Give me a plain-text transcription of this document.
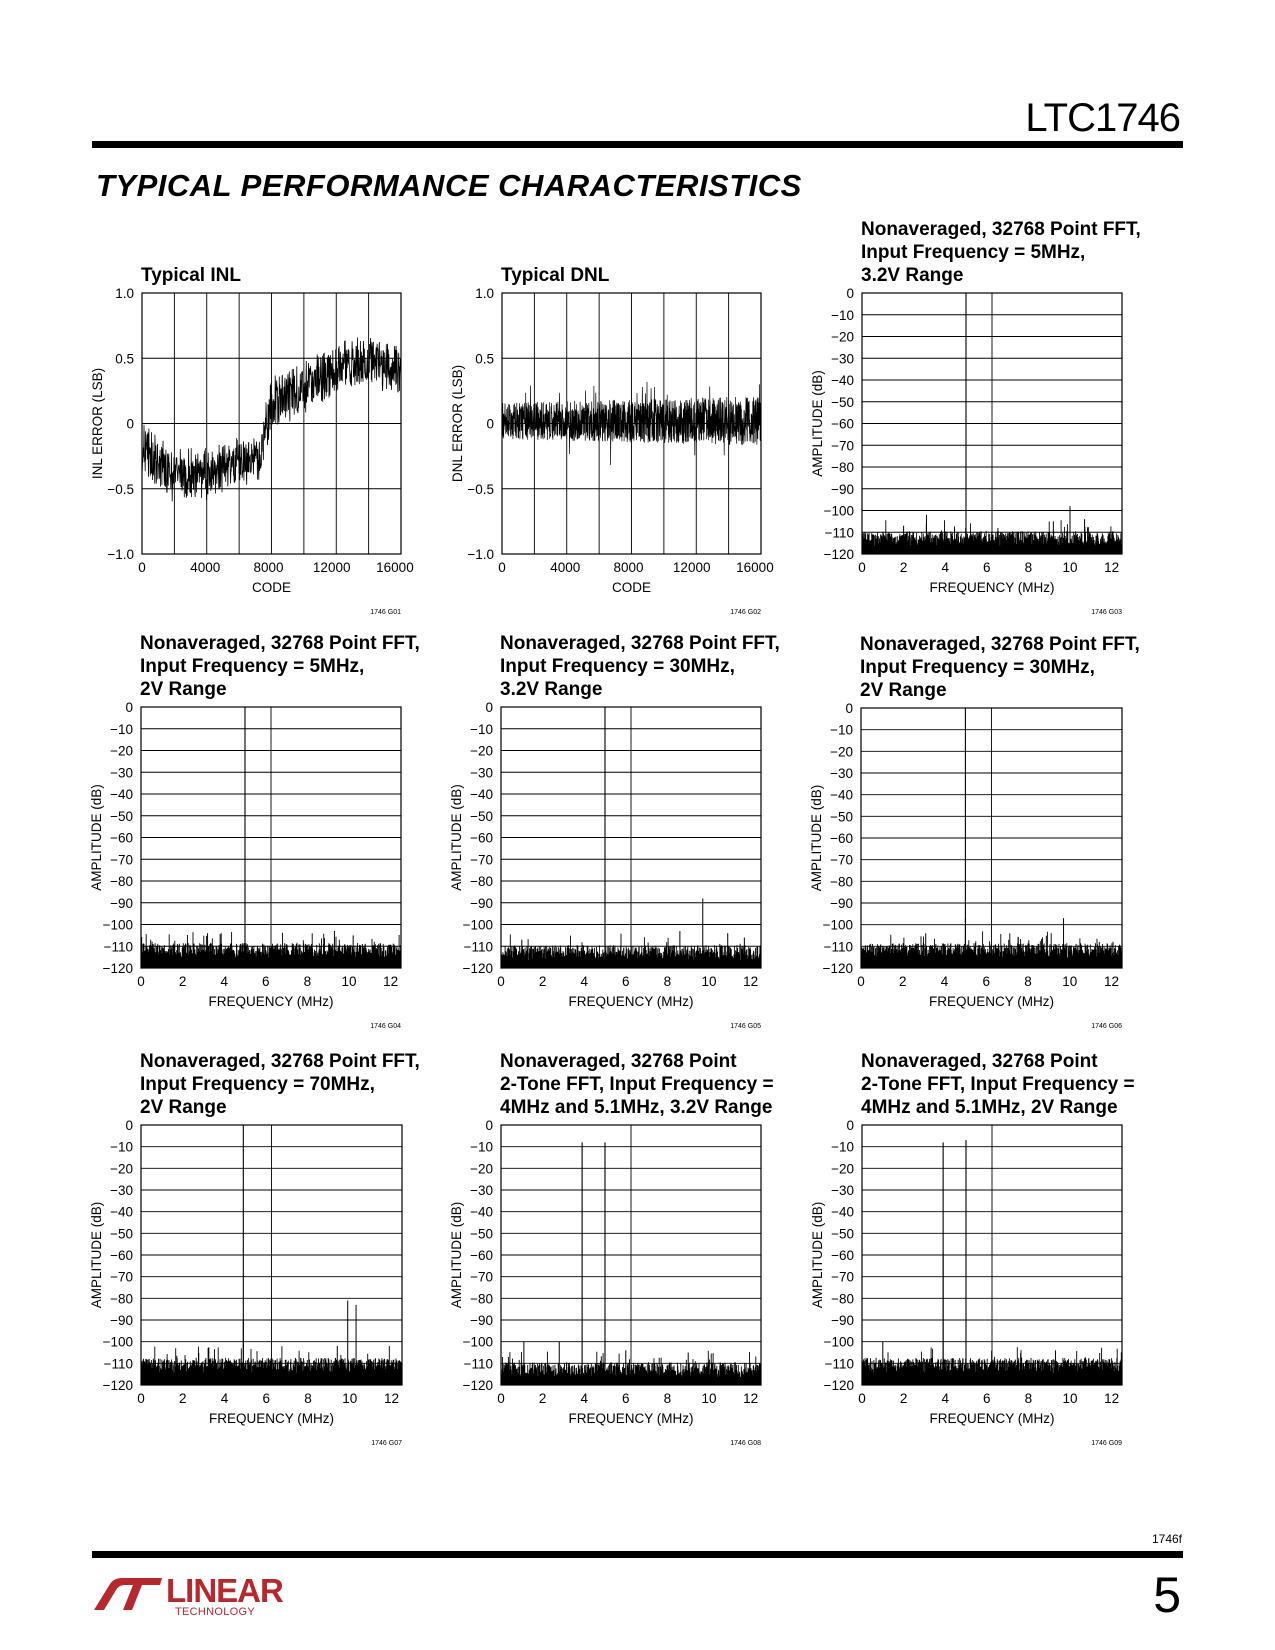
LTC1746
TYPICAL PERFORMANCE CHARACTERISTICS
Typical INL
1.0
0.5
0
−0.5
−1.0
0	4000 8000 12000 16000
CODE
INL ERROR (LSB)
1746 G01
Typical DNL
1.0
0.5
0
−0.5
−1.0
0	4000 8000 12000 16000
CODE
DNL ERROR (LSB)
1746 G02
Nonaveraged, 32768 Point FFT,
Input Frequency = 5MHz,
3.2V Range
0
−10
−20
−30
−40
−50
−60
−70
−80
−90
−100
−110
−120
0	2	4	6	8 10 12
FREQUENCY (MHz)
AMPLITUDE (dB)
1746 G03
Nonaveraged, 32768 Point FFT,
Input Frequency = 5MHz,
2V Range
0
−10
−20
−30
−40
−50
−60
−70
−80
−90
−100
−110
−120
0	2	4	6	8 10 12
FREQUENCY (MHz)
AMPLITUDE (dB)
1746 G04
Nonaveraged, 32768 Point FFT,
Input Frequency = 30MHz,
3.2V Range
0
−10
−20
−30
−40
−50
−60
−70
−80
−90
−100
−110
−120
0	2	4	6	8 10 12
FREQUENCY (MHz)
AMPLITUDE (dB)
1746 G05
Nonaveraged, 32768 Point FFT,
Input Frequency = 30MHz,
2V Range
0
−10
−20
−30
−40
−50
−60
−70
−80
−90
−100
−110
−120
0	2	4	6	8 10 12
FREQUENCY (MHz)
AMPLITUDE (dB)
1746 G06
Nonaveraged, 32768 Point FFT,
Input Frequency = 70MHz,
2V Range
0
−10
−20
−30
−40
−50
−60
−70
−80
−90
−100
−110
−120
0	2	4	6	8 10 12
FREQUENCY (MHz)
AMPLITUDE (dB)
1746 G07
Nonaveraged, 32768 Point
2-Tone FFT, Input Frequency =
4MHz and 5.1MHz, 3.2V Range
0
−10
−20
−30
−40
−50
−60
−70
−80
−90
−100
−110
−120
0	2	4	6	8 10 12
FREQUENCY (MHz)
AMPLITUDE (dB)
1746 G08
Nonaveraged, 32768 Point
2-Tone FFT, Input Frequency =
4MHz and 5.1MHz, 2V Range
0
−10
−20
−30
−40
−50
−60
−70
−80
−90
−100
−110
−120
0	2	4	6	8 10 12
FREQUENCY (MHz)
AMPLITUDE (dB)
1746 G09
1746f
LINEAR
TECHNOLOGY	5
